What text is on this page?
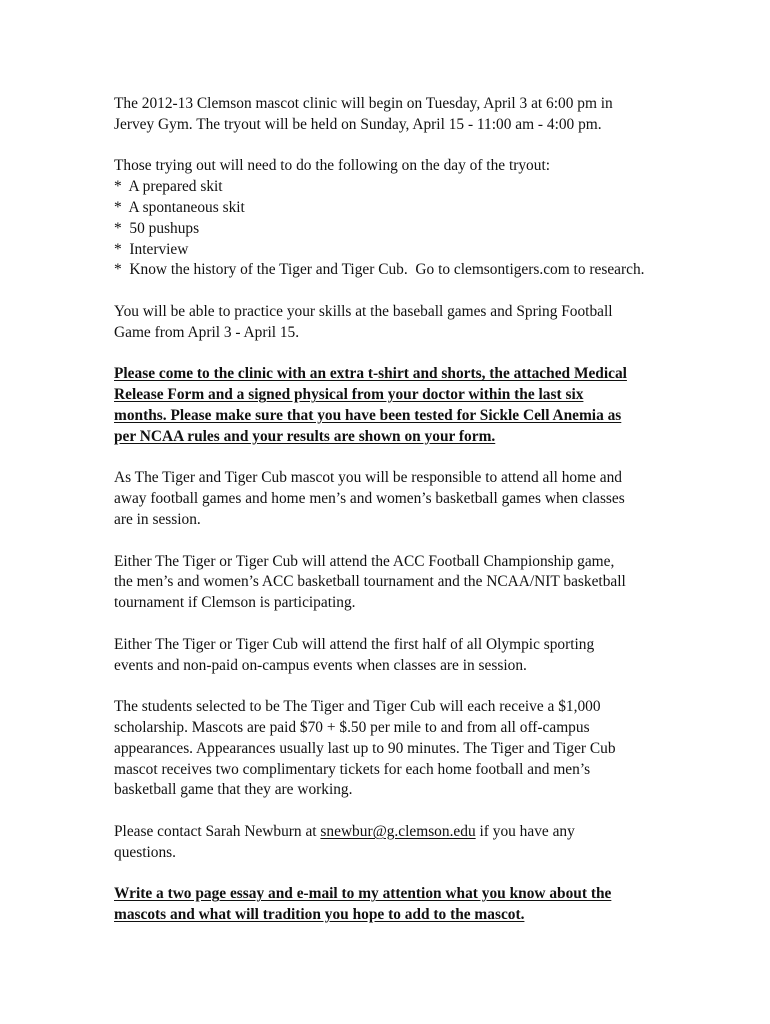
The 2012-13 Clemson mascot clinic will begin on Tuesday, April 3 at 6:00 pm in
Jervey Gym. The tryout will be held on Sunday, April 15 - 11:00 am - 4:00 pm.

Those trying out will need to do the following on the day of the tryout:
*  A prepared skit
*  A spontaneous skit
*  50 pushups
*  Interview
*  Know the history of the Tiger and Tiger Cub.  Go to clemsontigers.com to research.

You will be able to practice your skills at the baseball games and Spring Football
Game from April 3 - April 15.

Please come to the clinic with an extra t-shirt and shorts, the attached Medical
Release Form and a signed physical from your doctor within the last six
months. Please make sure that you have been tested for Sickle Cell Anemia as
per NCAA rules and your results are shown on your form.

As The Tiger and Tiger Cub mascot you will be responsible to attend all home and
away football games and home men’s and women’s basketball games when classes
are in session.

Either The Tiger or Tiger Cub will attend the ACC Football Championship game,
the men’s and women’s ACC basketball tournament and the NCAA/NIT basketball
tournament if Clemson is participating.

Either The Tiger or Tiger Cub will attend the first half of all Olympic sporting
events and non-paid on-campus events when classes are in session.

The students selected to be The Tiger and Tiger Cub will each receive a $1,000
scholarship. Mascots are paid $70 + $.50 per mile to and from all off-campus
appearances. Appearances usually last up to 90 minutes. The Tiger and Tiger Cub
mascot receives two complimentary tickets for each home football and men’s
basketball game that they are working.

Please contact Sarah Newburn at snewbur@g.clemson.edu if you have any
questions.

Write a two page essay and e-mail to my attention what you know about the
mascots and what will tradition you hope to add to the mascot.
